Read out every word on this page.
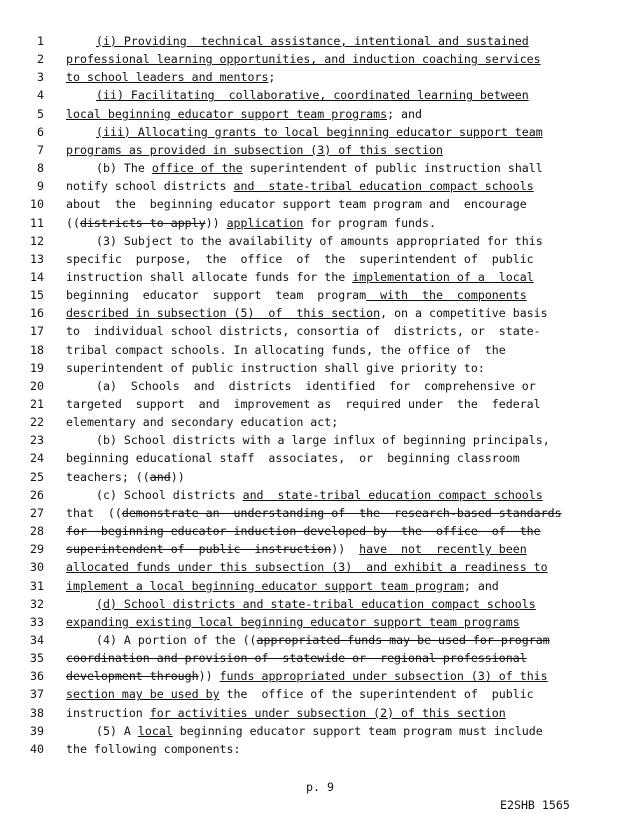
1	(i) Providing  technical assistance, intentional and sustained
2 professional learning opportunities, and induction coaching services
3 to school leaders and mentors;
4	(ii) Facilitating  collaborative, coordinated learning between
5 local beginning educator support team programs; and
6	(iii) Allocating grants to local beginning educator support team
7 programs as provided in subsection (3) of this section
8	(b) The office of the superintendent of public instruction shall
9 notify school districts and  state-tribal education compact schools
10 about  the  beginning educator support team program and  encourage
11 ((districts to apply)) application for program funds.
12	(3) Subject to the availability of amounts appropriated for this
13 specific  purpose,  the  office  of  the  superintendent of  public
14 instruction shall allocate funds for the implementation of a  local
15 beginning  educator  support  team  program  with  the  components
16 described in subsection (5)  of  this section, on a competitive basis
17 to  individual school districts, consortia of  districts, or  state-
18 tribal compact schools. In allocating funds, the office of  the
19 superintendent of public instruction shall give priority to:
20	(a)  Schools  and  districts  identified  for  comprehensive or
21 targeted  support  and  improvement as  required under  the  federal
22 elementary and secondary education act;
23	(b) School districts with a large influx of beginning principals,
24 beginning educational staff  associates,  or  beginning classroom
25 teachers; ((and))
26	(c) School districts and  state-tribal education compact schools
27 that  ((demonstrate an  understanding of  the  research-based standards
28 for  beginning educator induction developed by  the  office  of  the
29 superintendent of  public  instruction))  have  not  recently been
30 allocated funds under this subsection (3)  and exhibit a readiness to
31 implement a local beginning educator support team program; and
32	(d) School districts and state-tribal education compact schools
33 expanding existing local beginning educator support team programs
34	(4) A portion of the ((appropriated funds may be used for program
35 coordination and provision of  statewide or  regional professional
36 development through)) funds appropriated under subsection (3) of this
37 section may be used by the  office of the superintendent of  public
38 instruction for activities under subsection (2) of this section
39	(5) A local beginning educator support team program must include
40 the following components:

p. 9

E2SHB 1565
